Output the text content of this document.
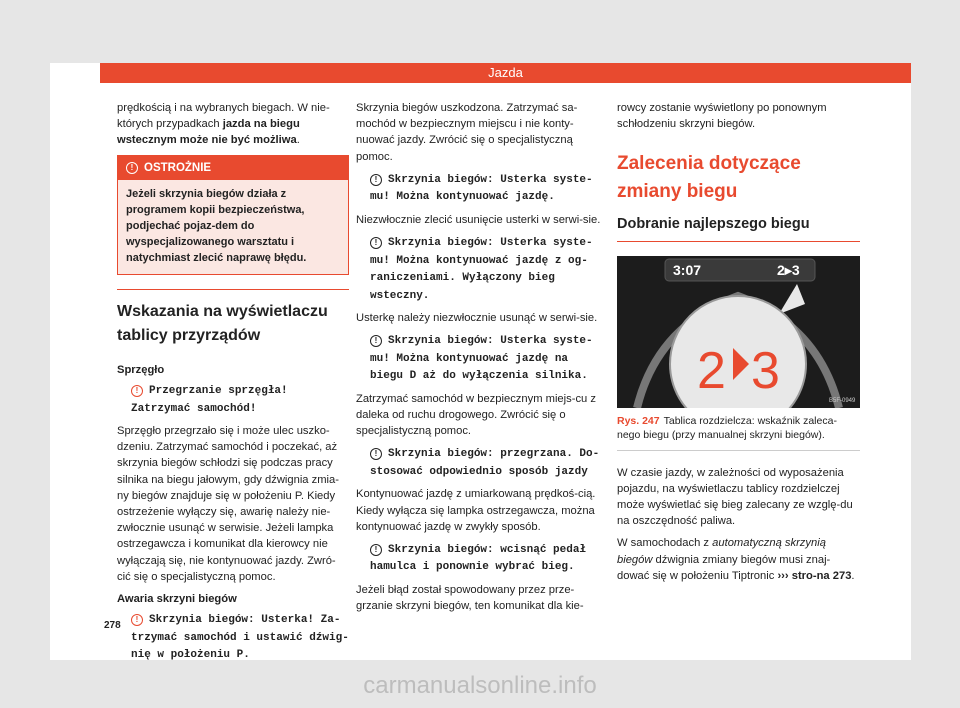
Jazda

prędkością i na wybranych biegach. W nie- których przypadkach jazda na biegu wstecznym może nie być możliwa.

! OSTROŻNIE
Jeżeli skrzynia biegów działa z programem kopii bezpieczeństwa, podjechać pojaz-dem do wyspecjalizowanego warsztatu i natychmiast zlecić naprawę błędu.
Wskazania na wyświetlaczu tablicy przyrządów

Sprzęgło

! Przegrzanie sprzęgła! Zatrzymać samochód!

Sprzęgło przegrzało się i może ulec uszko-dzeniu. Zatrzymać samochód i poczekać, aż skrzynia biegów schłodzi się podczas pracy silnika na biegu jałowym, gdy dźwignia zmia-ny biegów znajduje się w położeniu P. Kiedy ostrzeżenie wyłączy się, awarię należy nie-zwłocznie usunąć w serwisie. Jeżeli lampka ostrzegawcza i komunikat dla kierowcy nie wyłączają się, nie kontynuować jazdy. Zwró-cić się o specjalistyczną pomoc.

Awaria skrzyni biegów

! Skrzynia biegów: Usterka! Za-trzymać samochód i ustawić dźwig-nię w położeniu P.

Skrzynia biegów uszkodzona. Zatrzymać sa-mochód w bezpiecznym miejscu i nie konty-nuować jazdy. Zwrócić się o specjalistyczną pomoc.

! Skrzynia biegów: Usterka syste-mu! Można kontynuować jazdę.

Niezwłocznie zlecić usunięcie usterki w serwi-sie.

! Skrzynia biegów: Usterka syste-mu! Można kontynuować jazdę z og-raniczeniami. Wyłączony bieg wsteczny.

Usterkę należy niezwłocznie usunąć w serwi-sie.

! Skrzynia biegów: Usterka syste-mu! Można kontynuować jazdę na biegu D aż do wyłączenia silnika.

Zatrzymać samochód w bezpiecznym miejs-cu z daleka od ruchu drogowego. Zwrócić się o specjalistyczną pomoc.

! Skrzynia biegów: przegrzana. Do-stosować odpowiednio sposób jazdy

Kontynuować jazdę z umiarkowaną prędkoś-cią. Kiedy wyłącza się lampka ostrzegawcza, można kontynuować jazdę w zwykły sposób.

! Skrzynia biegów: wcisnąć pedał hamulca i ponownie wybrać bieg.

Jeżeli błąd został spowodowany przez prze-grzanie skrzyni biegów, ten komunikat dla kie-

rowcy zostanie wyświetlony po ponownym schłodzeniu skrzyni biegów.

Zalecenia dotyczące zmiany biegu
Dobranie najlepszego biegu
3:07	2▸3
2 3
B5F-0949
Rys. 247 Tablica rozdzielcza: wskaźnik zaleca-nego biegu (przy manualnej skrzyni biegów).

W czasie jazdy, w zależności od wyposażenia pojazdu, na wyświetlaczu tablicy rozdzielczej może wyświetlać się bieg zalecany ze wzglę-du na oszczędność paliwa.

W samochodach z automatyczną skrzynią biegów dźwignia zmiany biegów musi znaj-dować się w położeniu Tiptronic ››› stro-na 273.

278
carmanualsonline.info
